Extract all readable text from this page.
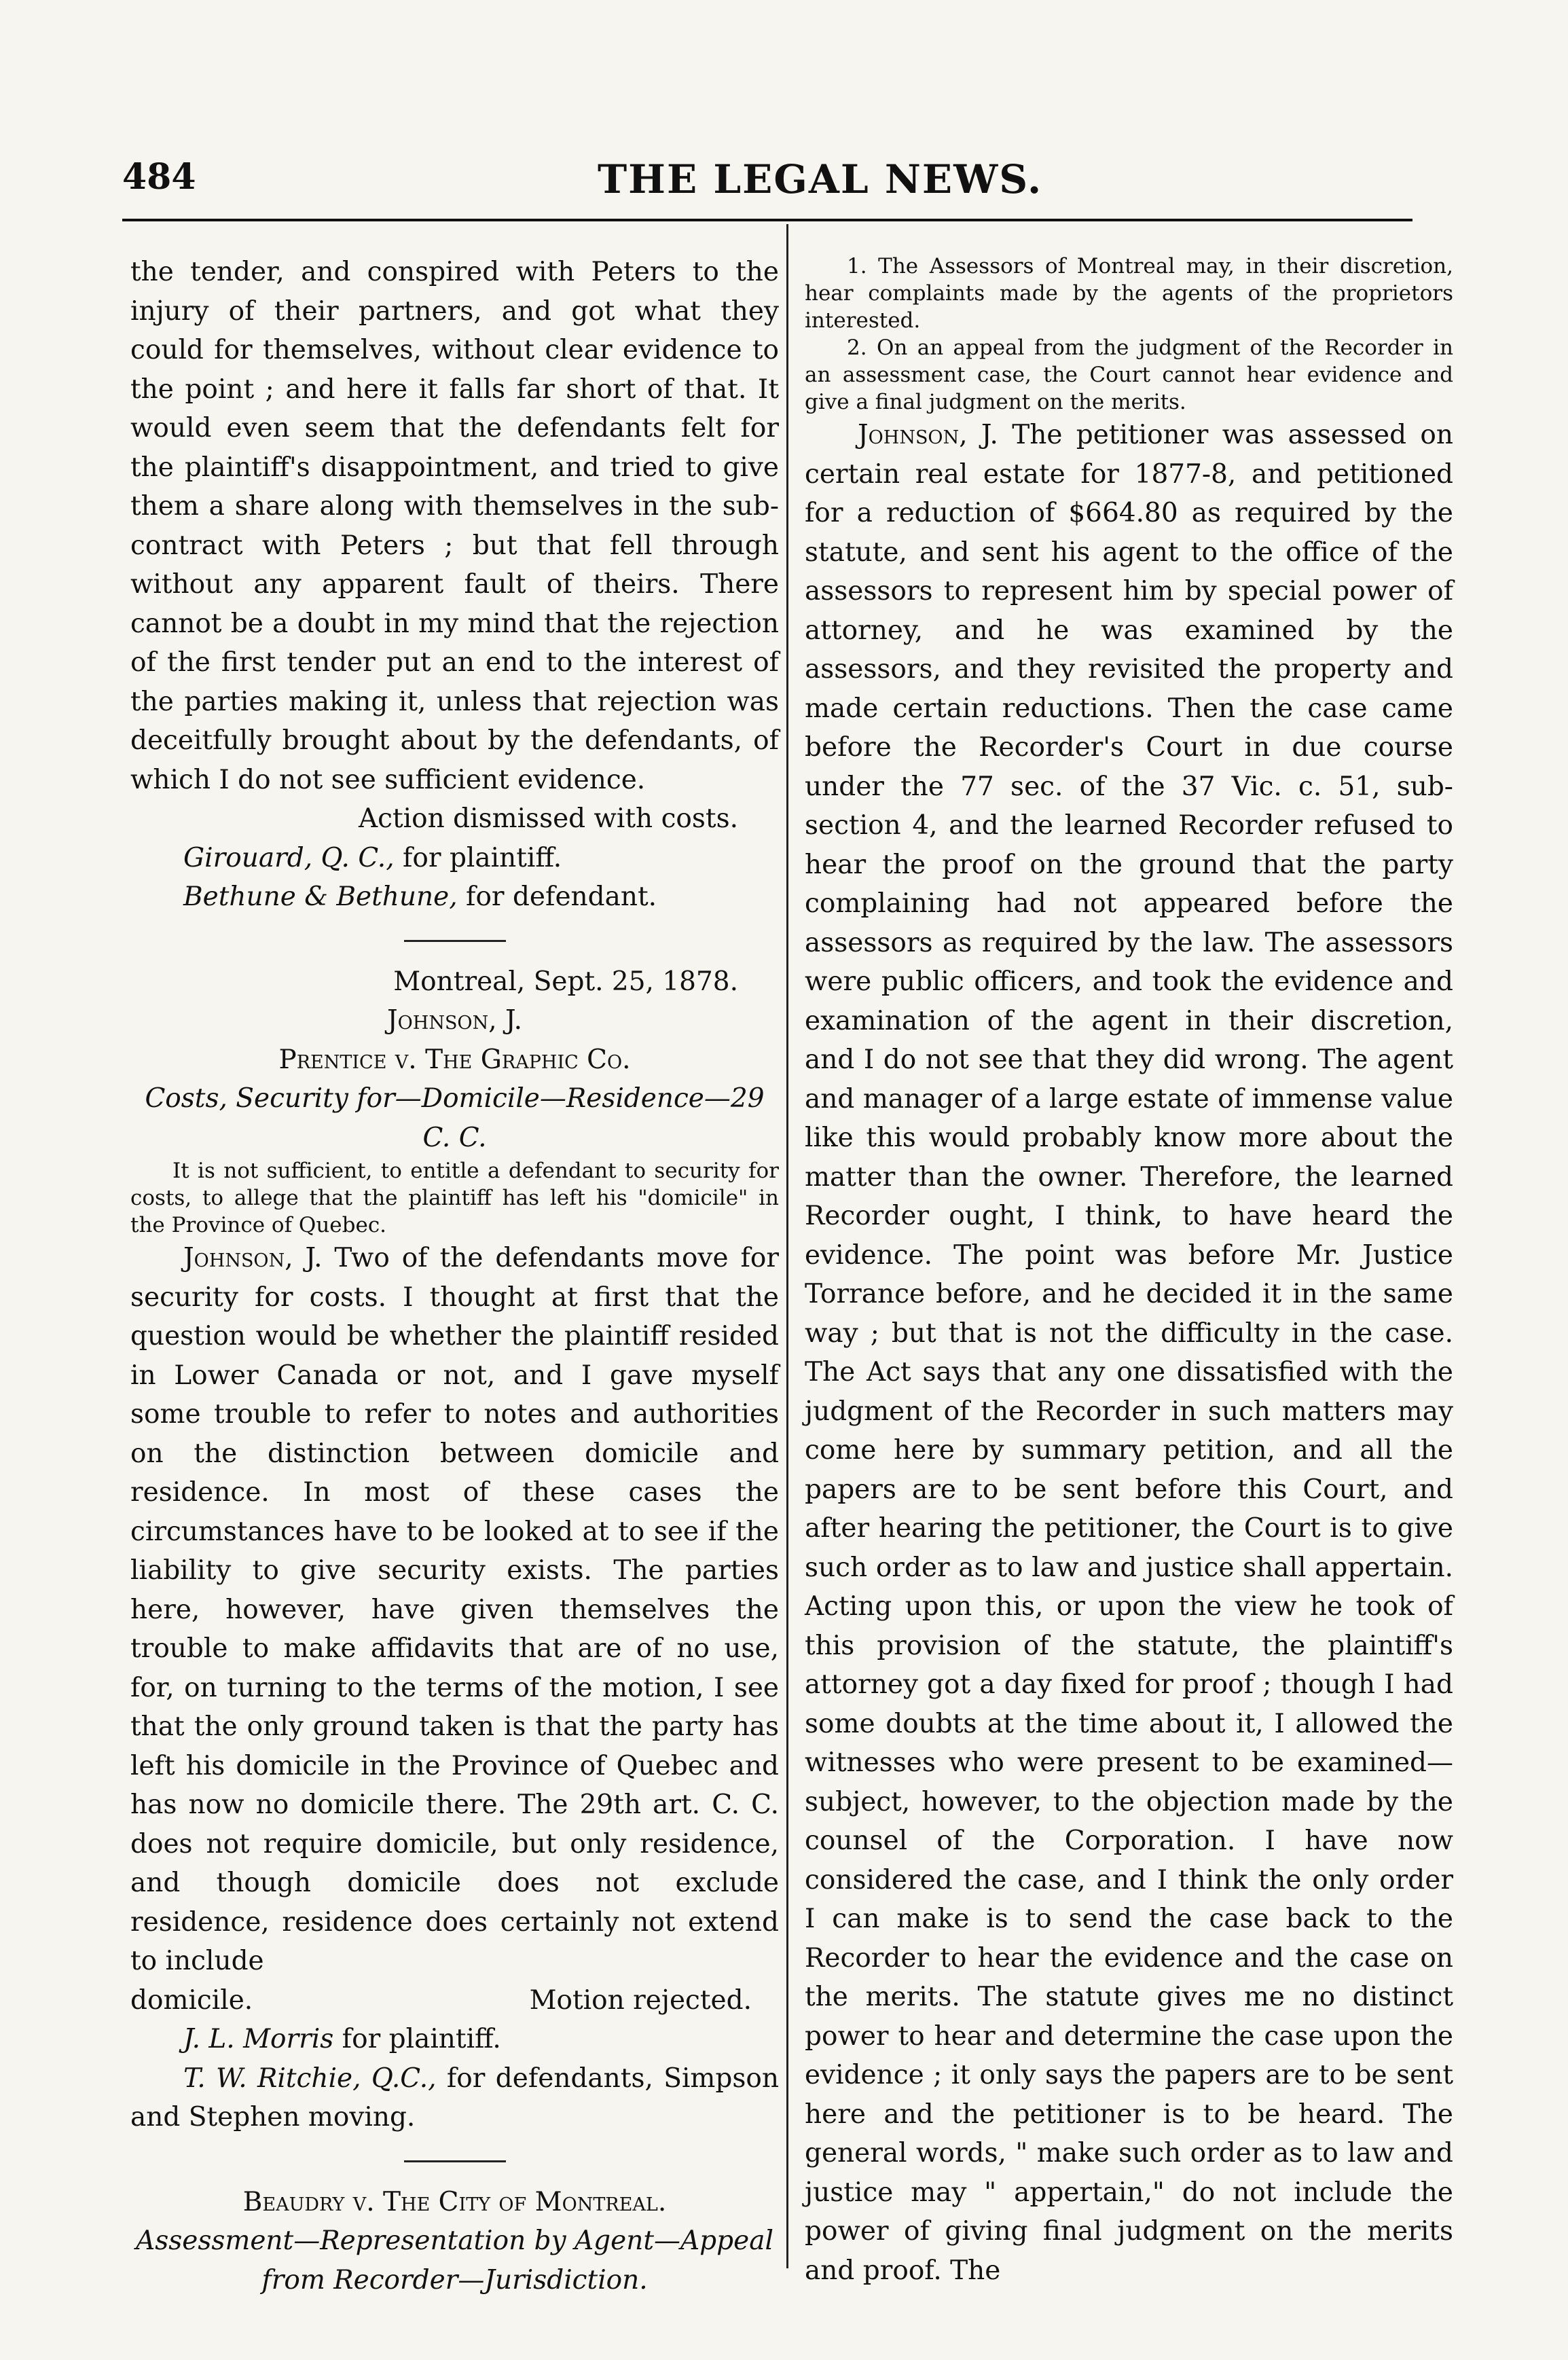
484	THE LEGAL NEWS.

the tender, and conspired with Peters to the injury of their partners, and got what they could for themselves, without clear evidence to the point ; and here it falls far short of that. It would even seem that the defendants felt for the plaintiff's disappointment, and tried to give them a share along with themselves in the sub-contract with Peters ; but that fell through without any apparent fault of theirs. There cannot be a doubt in my mind that the rejection of the first tender put an end to the interest of the parties making it, unless that rejection was deceitfully brought about by the defendants, of which I do not see sufficient evidence.

Action dismissed with costs.

Girouard, Q. C., for plaintiff.

Bethune & Bethune, for defendant.

Montreal, Sept. 25, 1878.

Johnson, J.

Prentice v. The Graphic Co.

Costs, Security for—Domicile—Residence—29 C. C.

It is not sufficient, to entitle a defendant to security for costs, to allege that the plaintiff has left his "domicile" in the Province of Quebec.

Johnson, J. Two of the defendants move for security for costs. I thought at first that the question would be whether the plaintiff resided in Lower Canada or not, and I gave myself some trouble to refer to notes and authorities on the distinction between domicile and residence. In most of these cases the circumstances have to be looked at to see if the liability to give security exists. The parties here, however, have given themselves the trouble to make affidavits that are of no use, for, on turning to the terms of the motion, I see that the only ground taken is that the party has left his domicile in the Province of Quebec and has now no domicile there. The 29th art. C. C. does not require domicile, but only residence, and though domicile does not exclude residence, residence does certainly not extend to include

domicile.	Motion rejected.

J. L. Morris for plaintiff.

T. W. Ritchie, Q.C., for defendants, Simpson and Stephen moving.

Beaudry v. The City of Montreal.

Assessment—Representation by Agent—Appeal from Recorder—Jurisdiction.

1. The Assessors of Montreal may, in their discretion, hear complaints made by the agents of the proprietors interested.

2. On an appeal from the judgment of the Recorder in an assessment case, the Court cannot hear evidence and give a final judgment on the merits.

Johnson, J. The petitioner was assessed on certain real estate for 1877-8, and petitioned for a reduction of $664.80 as required by the statute, and sent his agent to the office of the assessors to represent him by special power of attorney, and he was examined by the assessors, and they revisited the property and made certain reductions. Then the case came before the Recorder's Court in due course under the 77 sec. of the 37 Vic. c. 51, sub-section 4, and the learned Recorder refused to hear the proof on the ground that the party complaining had not appeared before the assessors as required by the law. The assessors were public officers, and took the evidence and examination of the agent in their discretion, and I do not see that they did wrong. The agent and manager of a large estate of immense value like this would probably know more about the matter than the owner. Therefore, the learned Recorder ought, I think, to have heard the evidence. The point was before Mr. Justice Torrance before, and he decided it in the same way ; but that is not the difficulty in the case. The Act says that any one dissatisfied with the judgment of the Recorder in such matters may come here by summary petition, and all the papers are to be sent before this Court, and after hearing the petitioner, the Court is to give such order as to law and justice shall appertain. Acting upon this, or upon the view he took of this provision of the statute, the plaintiff's attorney got a day fixed for proof ; though I had some doubts at the time about it, I allowed the witnesses who were present to be examined—subject, however, to the objection made by the counsel of the Corporation. I have now considered the case, and I think the only order I can make is to send the case back to the Recorder to hear the evidence and the case on the merits. The statute gives me no distinct power to hear and determine the case upon the evidence ; it only says the papers are to be sent here and the petitioner is to be heard. The general words, " make such order as to law and justice may " appertain," do not include the power of giving final judgment on the merits and proof. The
